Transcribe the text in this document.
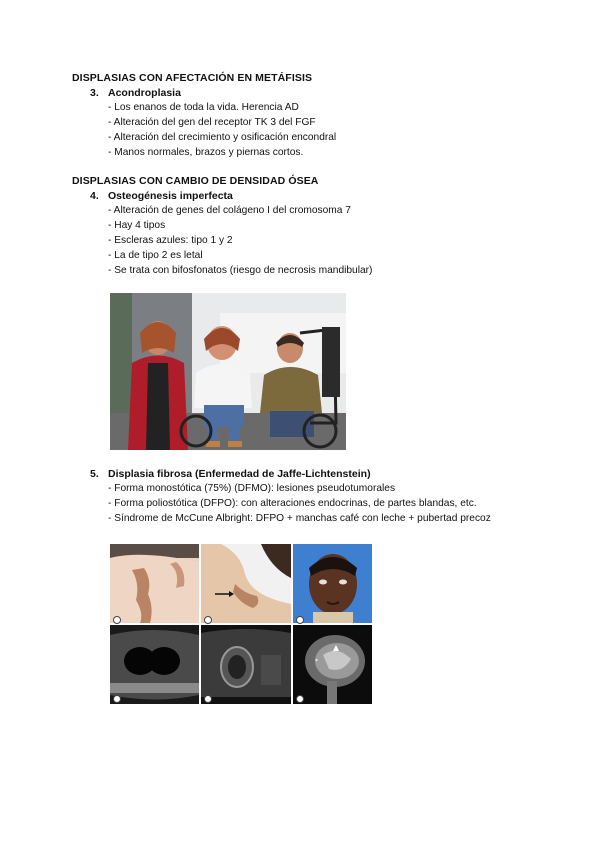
DISPLASIAS CON AFECTACIÓN EN METÁFISIS
3. Acondroplasia
- Los enanos de toda la vida. Herencia AD
- Alteración del gen del receptor TK 3 del FGF
- Alteración del crecimiento y osificación encondral
- Manos normales, brazos y piernas cortos.
DISPLASIAS CON CAMBIO DE DENSIDAD ÓSEA
4. Osteogénesis imperfecta
- Alteración de genes del colágeno I del cromosoma 7
- Hay 4 tipos
- Escleras azules: tipo 1 y 2
- La de tipo 2 es letal
- Se trata con bifosfonatos (riesgo de necrosis mandibular)
5. Displasia fibrosa (Enfermedad de Jaffe-Lichtenstein)
- Forma monostótica (75%) (DFMO): lesiones pseudotumorales
- Forma poliostótica (DFPO): con alteraciones endocrinas, de partes blandas, etc.
- Síndrome de McCune Albright: DFPO + manchas café con leche + pubertad precoz
*
